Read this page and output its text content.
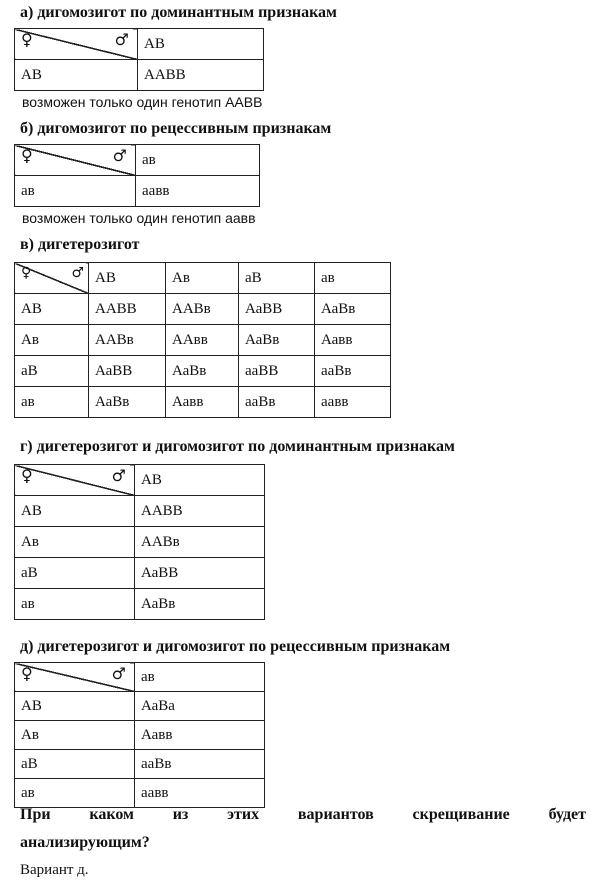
а) дигомозигот по доминантным признакам
♀ ♂	АВ
АВ	ААВВ
возможен только один генотип ААВВ
б) дигомозигот по рецессивным признакам
♀ ♂	ав
ав	аавв
возможен только один генотип аавв
в) дигетерозигот
♀ ♂	АВ	Ав	аВ	ав
АВ	ААВВ	ААВв	АаВВ	АаВв
Ав	ААВв	ААвв	АаВв	Аавв
аВ	АаВВ	АаВв	ааВВ	ааВв
ав	АаВв	Аавв	ааВв	аавв
г) дигетерозигот и дигомозигот по доминантным признакам
♀ ♂	АВ
АВ	ААВВ
Ав	ААВв
аВ	АаВВ
ав	АаВв
д) дигетерозигот и дигомозигот по рецессивным признакам
♀ ♂	ав
АВ	АаВа
Ав	Аавв
аВ	ааВв
ав	аавв
При каком из этих вариантов скрещивание будет
анализирующим?
Вариант д.
